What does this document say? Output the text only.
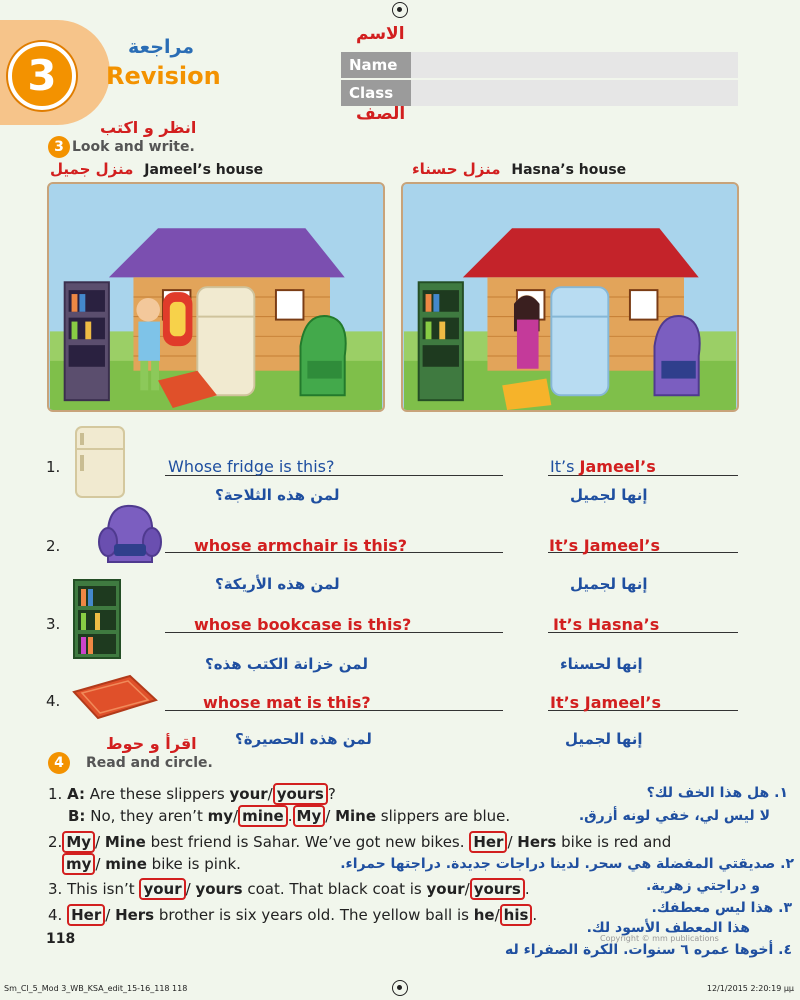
3
مراجعة
Revision
الاسم
Name
Class
الصف
انظر و اكتب
3 Look and write.
منزل جميل Jameel’s house	منزل حسناء Hasna’s house
1.	Whose fridge is this?	It’s Jameel’s
لمن هذه الثلاجة؟	إنها لجميل
2.	whose armchair is this?	It’s Jameel’s
لمن هذه الأريكة؟	إنها لجميل
3.	whose bookcase is this?	It’s Hasna’s
لمن خزانة الكتب هذه؟	إنها لحسناء
4.	whose mat is this?	It’s Jameel’s
لمن هذه الحصيرة؟	إنها لجميل
اقرأ و حوط
4	Read and circle.
1. A: Are these slippers your/ yours ?
B: No, they aren’t my/ mine . My / Mine slippers are blue.
2. My / Mine best friend is Sahar. We’ve got new bikes. Her / Hers bike is red and
my / mine bike is pink.
3. This isn’t your / yours coat. That black coat is your/ yours .
4. Her / Hers brother is six years old. The yellow ball is he/ his .
١. هل هذا الخف لك؟
لا ليس لي، خفي لونه أزرق.
٢. صديقتي المفضلة هي سحر. لدينا دراجات جديدة. دراجتها حمراء.
و دراجتي زهرية.
٣. هذا ليس معطفك.
هذا المعطف الأسود لك.
٤. أخوها عمره ٦ سنوات. الكرة الصفراء له
118	Copyright © mm publications
Sm_Cl_5_Mod 3_WB_KSA_edit_15-16_118 118	12/1/2015 2:20:19 μμ
